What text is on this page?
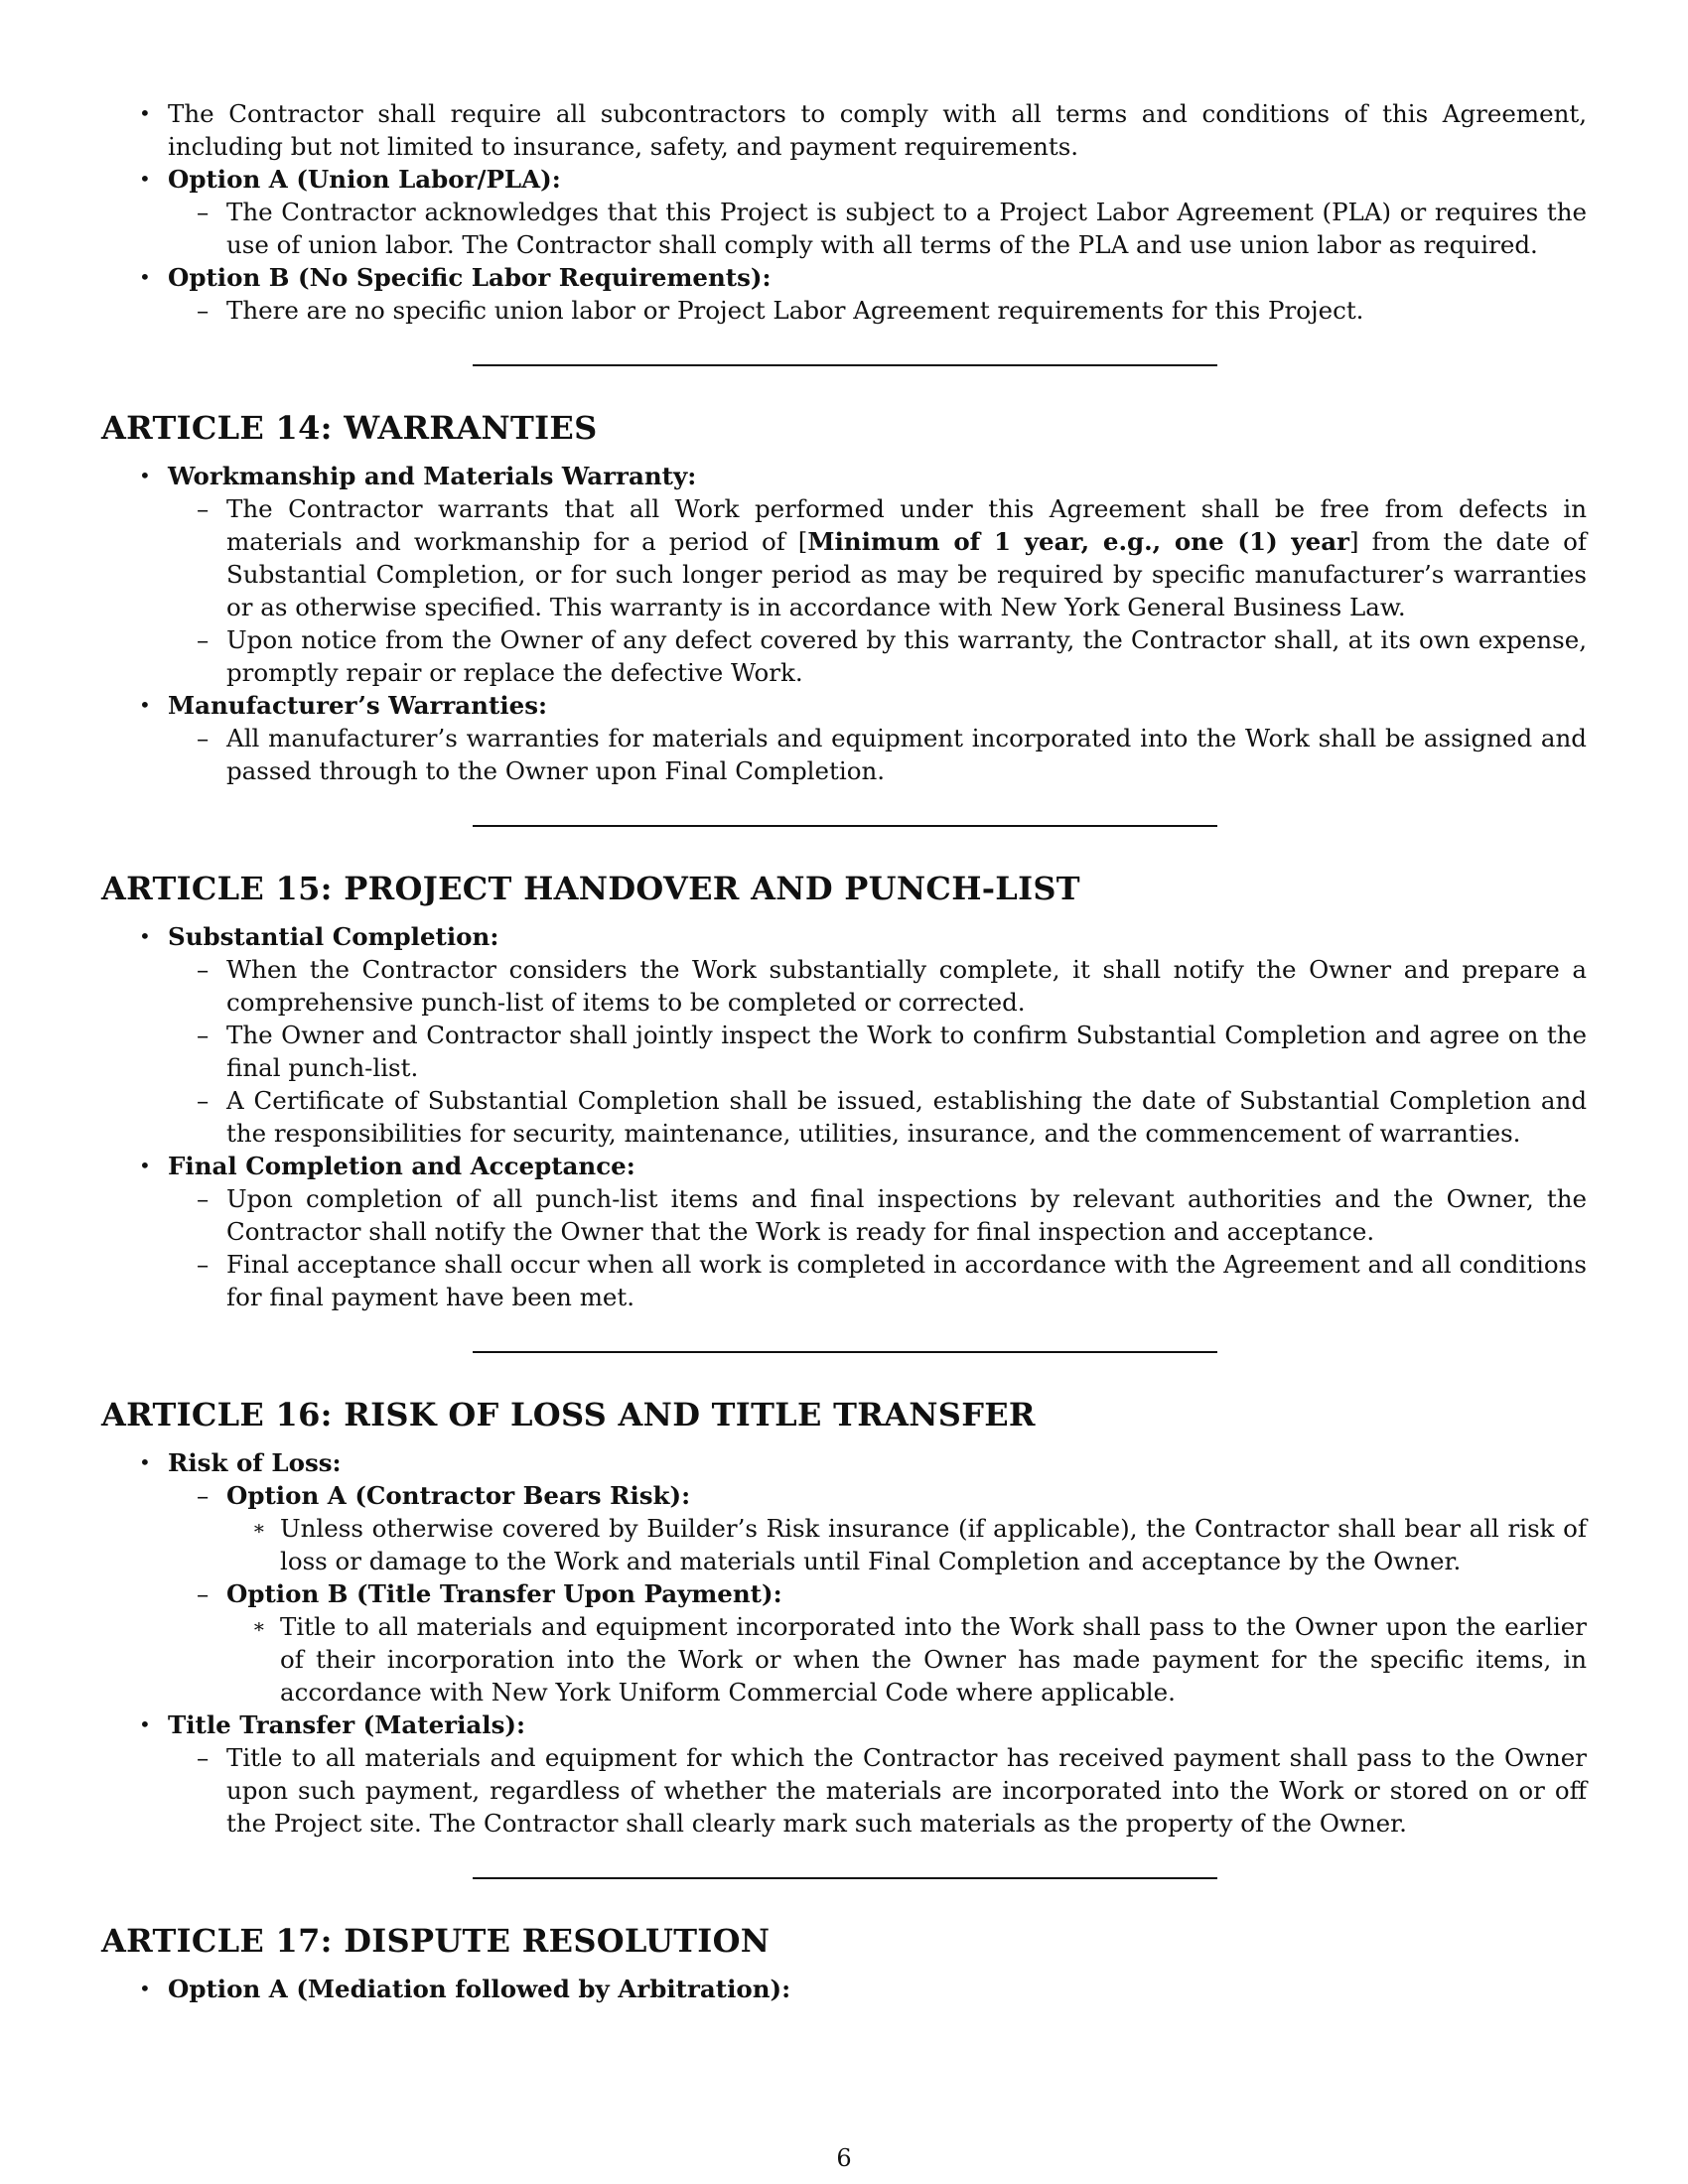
• The Contractor shall require all subcontractors to comply with all terms and conditions of this Agreement, including but not limited to insurance, safety, and payment requirements.
• Option A (Union Labor/PLA):
– The Contractor acknowledges that this Project is subject to a Project Labor Agreement (PLA) or requires the use of union labor. The Contractor shall comply with all terms of the PLA and use union labor as required.
• Option B (No Specific Labor Requirements):
– There are no specific union labor or Project Labor Agreement requirements for this Project.
ARTICLE 14: WARRANTIES
• Workmanship and Materials Warranty:
– The Contractor warrants that all Work performed under this Agreement shall be free from defects in materials and workmanship for a period of [Minimum of 1 year, e.g., one (1) year] from the date of Substantial Completion, or for such longer period as may be required by specific manufacturer’s warranties or as otherwise specified. This warranty is in accordance with New York General Business Law.
– Upon notice from the Owner of any defect covered by this warranty, the Contractor shall, at its own expense, promptly repair or replace the defective Work.
• Manufacturer’s Warranties:
– All manufacturer’s warranties for materials and equipment incorporated into the Work shall be assigned and passed through to the Owner upon Final Completion.
ARTICLE 15: PROJECT HANDOVER AND PUNCH-LIST
• Substantial Completion:
– When the Contractor considers the Work substantially complete, it shall notify the Owner and prepare a comprehensive punch-list of items to be completed or corrected.
– The Owner and Contractor shall jointly inspect the Work to confirm Substantial Completion and agree on the final punch-list.
– A Certificate of Substantial Completion shall be issued, establishing the date of Substantial Completion and the responsibilities for security, maintenance, utilities, insurance, and the commencement of warranties.
• Final Completion and Acceptance:
– Upon completion of all punch-list items and final inspections by relevant authorities and the Owner, the Contractor shall notify the Owner that the Work is ready for final inspection and acceptance.
– Final acceptance shall occur when all work is completed in accordance with the Agreement and all conditions for final payment have been met.
ARTICLE 16: RISK OF LOSS AND TITLE TRANSFER
• Risk of Loss:
– Option A (Contractor Bears Risk):
∗ Unless otherwise covered by Builder’s Risk insurance (if applicable), the Contractor shall bear all risk of loss or damage to the Work and materials until Final Completion and acceptance by the Owner.
– Option B (Title Transfer Upon Payment):
∗ Title to all materials and equipment incorporated into the Work shall pass to the Owner upon the earlier of their incorporation into the Work or when the Owner has made payment for the specific items, in accordance with New York Uniform Commercial Code where applicable.
• Title Transfer (Materials):
– Title to all materials and equipment for which the Contractor has received payment shall pass to the Owner upon such payment, regardless of whether the materials are incorporated into the Work or stored on or off the Project site. The Contractor shall clearly mark such materials as the property of the Owner.
ARTICLE 17: DISPUTE RESOLUTION
• Option A (Mediation followed by Arbitration):
6
